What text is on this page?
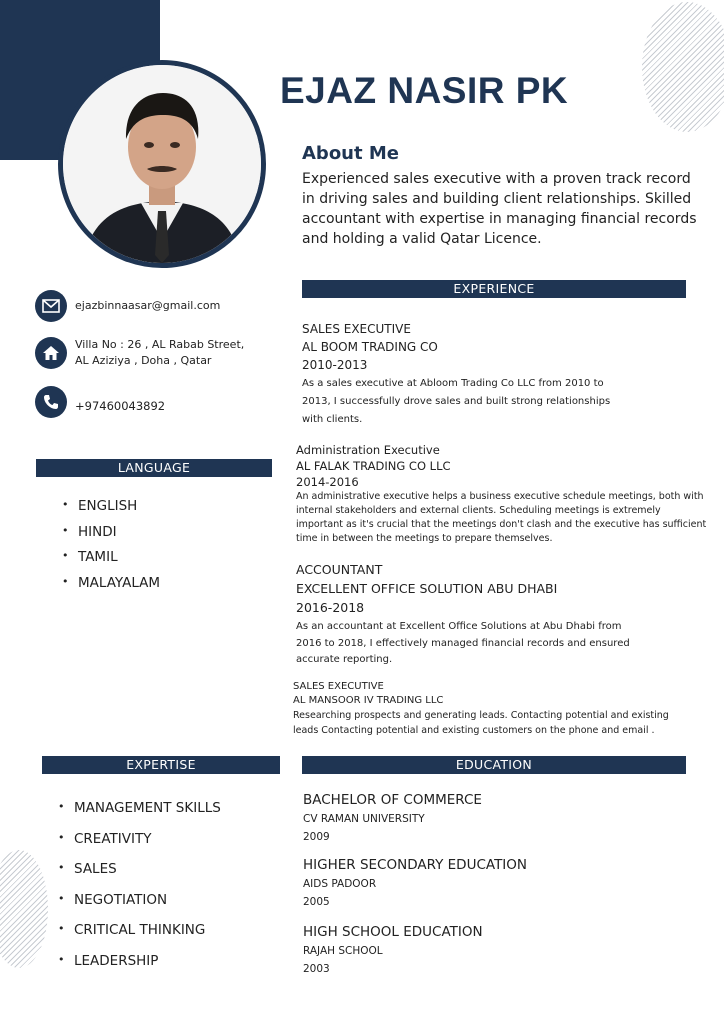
EJAZ NASIR PK
About Me
Experienced sales executive with a proven track record in driving sales and building client relationships. Skilled accountant with expertise in managing financial records and holding a valid Qatar Licence.
ejazbinnaasar@gmail.com
Villa No : 26 , AL Rabab Street,
AL Aziziya , Doha , Qatar
+97460043892
EXPERIENCE
LANGUAGE
EXPERTISE	EDUCATION
• ENGLISH
• HINDI
• TAMIL
• MALAYALAM
• MANAGEMENT SKILLS
• CREATIVITY
• SALES
• NEGOTIATION
• CRITICAL THINKING
• LEADERSHIP
SALES EXECUTIVE
AL BOOM TRADING CO
2010-2013
As a sales executive at Abloom Trading Co LLC from 2010 to 2013, I successfully drove sales and built strong relationships with clients.
Administration Executive
AL FALAK TRADING CO LLC
2014-2016
An administrative executive helps a business executive schedule meetings, both with internal stakeholders and external clients. Scheduling meetings is extremely important as it's crucial that the meetings don't clash and the executive has sufficient time in between the meetings to prepare themselves.
ACCOUNTANT
EXCELLENT OFFICE SOLUTION ABU DHABI
2016-2018
As an accountant at Excellent Office Solutions at Abu Dhabi from 2016 to 2018, I effectively managed financial records and ensured accurate reporting.
SALES EXECUTIVE
AL MANSOOR IV TRADING LLC
Researching prospects and generating leads. Contacting potential and existing leads Contacting potential and existing customers on the phone and email .
BACHELOR OF COMMERCE
CV RAMAN UNIVERSITY
2009
HIGHER SECONDARY EDUCATION
AIDS PADOOR
2005
HIGH SCHOOL EDUCATION
RAJAH SCHOOL
2003
